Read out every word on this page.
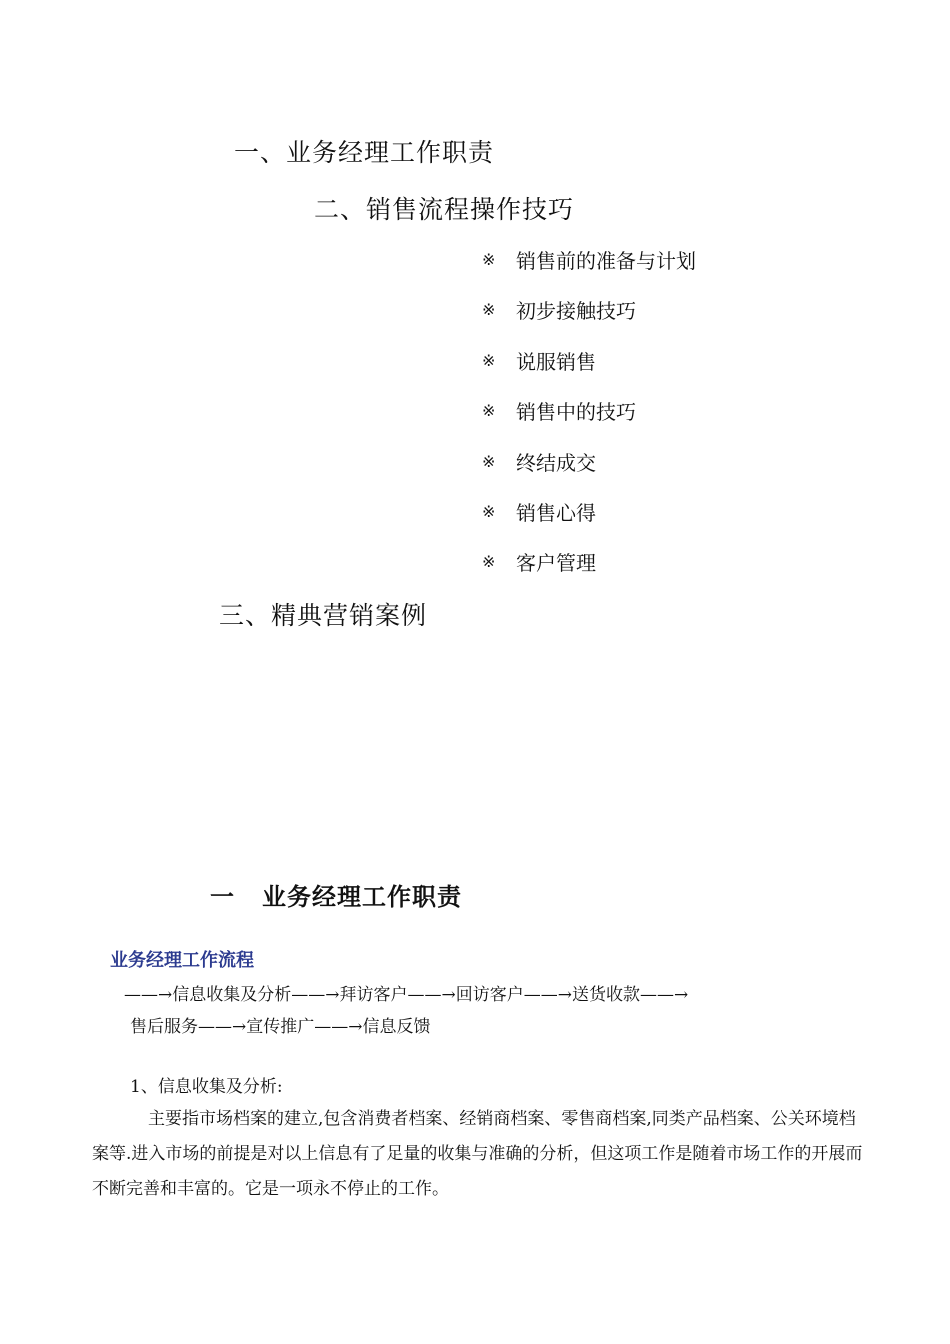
一、业务经理工作职责
二、销售流程操作技巧
※	销售前的准备与计划
※	初步接触技巧
※	说服销售
※	销售中的技巧
※	终结成交
※	销售心得
※	客户管理
三、精典营销案例
一 业务经理工作职责
业务经理工作流程
——→信息收集及分析——→拜访客户——→回访客户——→送货收款——→
售后服务——→宣传推广——→信息反馈
1、信息收集及分析:
主要指市场档案的建立,包含消费者档案、经销商档案、零售商档案,同类产品档案、公关环境档案等.进入市场的前提是对以上信息有了足量的收集与准确的分析，但这项工作是随着市场工作的开展而不断完善和丰富的。它是一项永不停止的工作。
